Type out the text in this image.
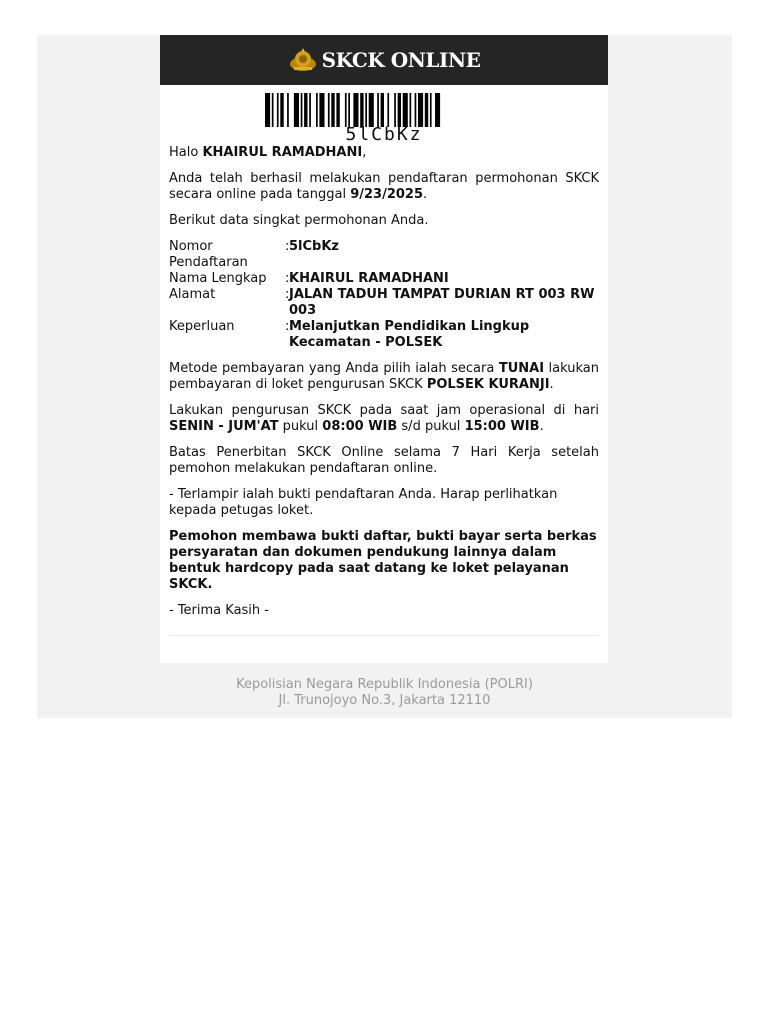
SKCK ONLINE
5lCbKz

Halo KHAIRUL RAMADHANI,

Anda telah berhasil melakukan pendaftaran permohonan SKCK secara online pada tanggal 9/23/2025.

Berikut data singkat permohonan Anda.

Nomor Pendaftaran
: 5lCbKz
Nama Lengkap	: KHAIRUL RAMADHANI
Alamat	: JALAN TADUH TAMPAT DURIAN RT 003 RW 003
Keperluan	: Melanjutkan Pendidikan Lingkup Kecamatan - POLSEK

Metode pembayaran yang Anda pilih ialah secara TUNAI lakukan pembayaran di loket pengurusan SKCK POLSEK KURANJI.

Lakukan pengurusan SKCK pada saat jam operasional di hari SENIN - JUM'AT pukul 08:00 WIB s/d pukul 15:00 WIB.

Batas Penerbitan SKCK Online selama 7 Hari Kerja setelah pemohon melakukan pendaftaran online.

- Terlampir ialah bukti pendaftaran Anda. Harap perlihatkan kepada petugas loket.

Pemohon membawa bukti daftar, bukti bayar serta berkas persyaratan dan dokumen pendukung lainnya dalam bentuk hardcopy pada saat datang ke loket pelayanan SKCK.

- Terima Kasih -

Kepolisian Negara Republik Indonesia (POLRI)
Jl. Trunojoyo No.3, Jakarta 12110
